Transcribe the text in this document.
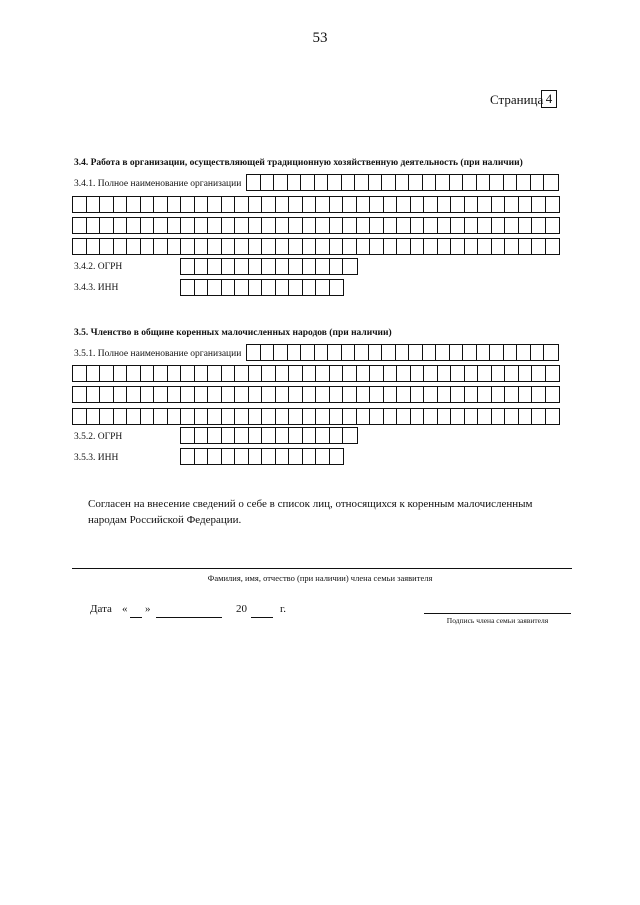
53
Страница 4
3.4. Работа в организации, осуществляющей традиционную хозяйственную деятельность (при наличии)
3.4.1. Полное наименование организации
3.4.2. ОГРН
3.4.3. ИНН
3.5. Членство в общине коренных малочисленных народов (при наличии)
3.5.1. Полное наименование организации
3.5.2. ОГРН
3.5.3. ИНН
Согласен на внесение сведений о себе в список лиц, относящихся к коренным малочисленным народам Российской Федерации.
Фамилия, имя, отчество (при наличии) члена семьи заявителя
Дата « »	20	г.
Подпись члена семьи заявителя
